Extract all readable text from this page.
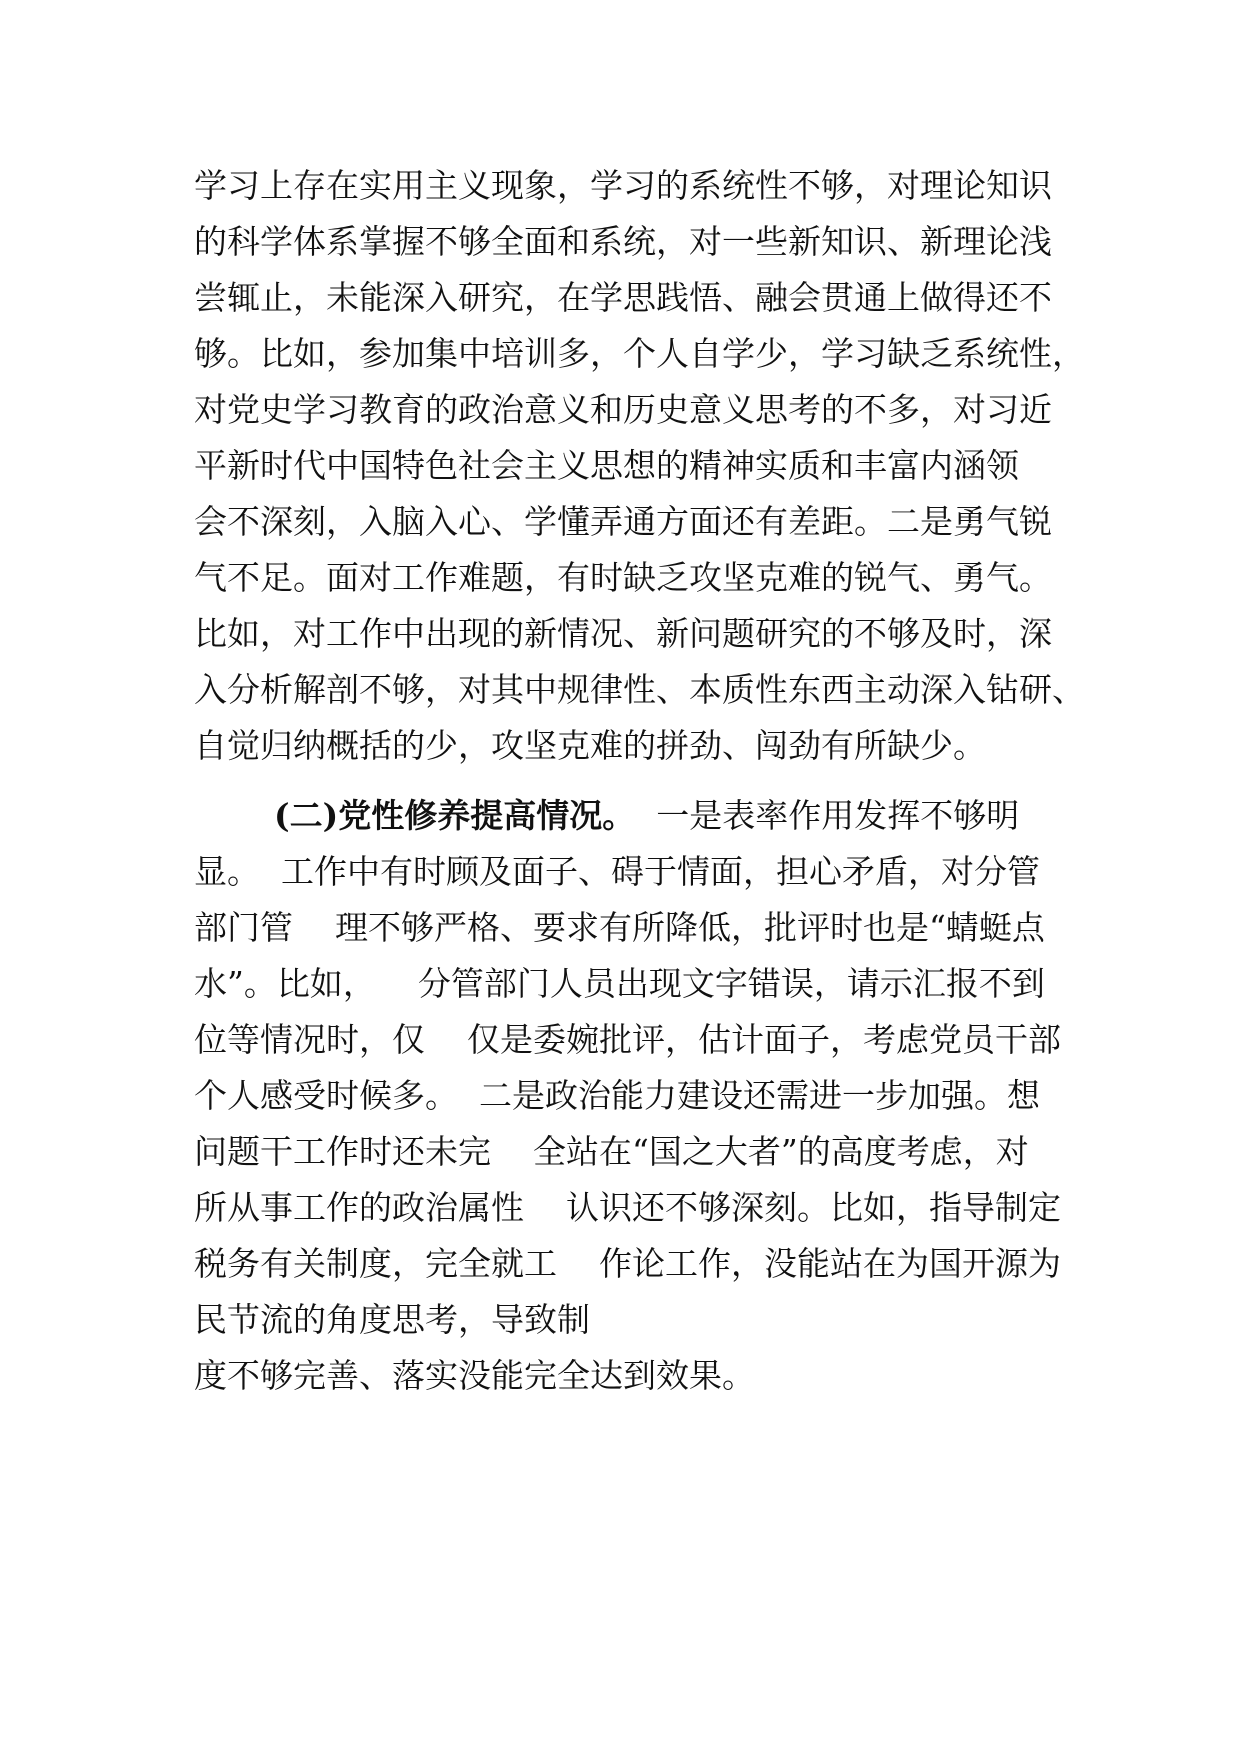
学习上存在实用主义现象，学习的系统性不够，对理论知识
的科学体系掌握不够全面和系统，对一些新知识、新理论浅
尝辄止，未能深入研究，在学思践悟、融会贯通上做得还不
够。比如，参加集中培训多，个人自学少，学习缺乏系统性，
对党史学习教育的政治意义和历史意义思考的不多，对习近
平新时代中国特色社会主义思想的精神实质和丰富内涵领
会不深刻，入脑入心、学懂弄通方面还有差距。二是勇气锐
气不足。面对工作难题，有时缺乏攻坚克难的锐气、勇气。
比如，对工作中出现的新情况、新问题研究的不够及时，深
入分析解剖不够，对其中规律性、本质性东西主动深入钻研、
自觉归纳概括的少，攻坚克难的拼劲、闯劲有所缺少。
(二)党性修养提高情况。  一是表率作用发挥不够明
显。  工作中有时顾及面子、碍于情面，担心矛盾，对分管
部门管    理不够严格、要求有所降低，批评时也是“蜻蜓点
水”。比如，    分管部门人员出现文字错误，请示汇报不到
位等情况时，仅    仅是委婉批评，估计面子，考虑党员干部
个人感受时候多。  二是政治能力建设还需进一步加强。想
问题干工作时还未完    全站在“国之大者”的高度考虑，对
所从事工作的政治属性    认识还不够深刻。比如，指导制定
税务有关制度，完全就工    作论工作，没能站在为国开源为
民节流的角度思考，导致制
度不够完善、落实没能完全达到效果。
